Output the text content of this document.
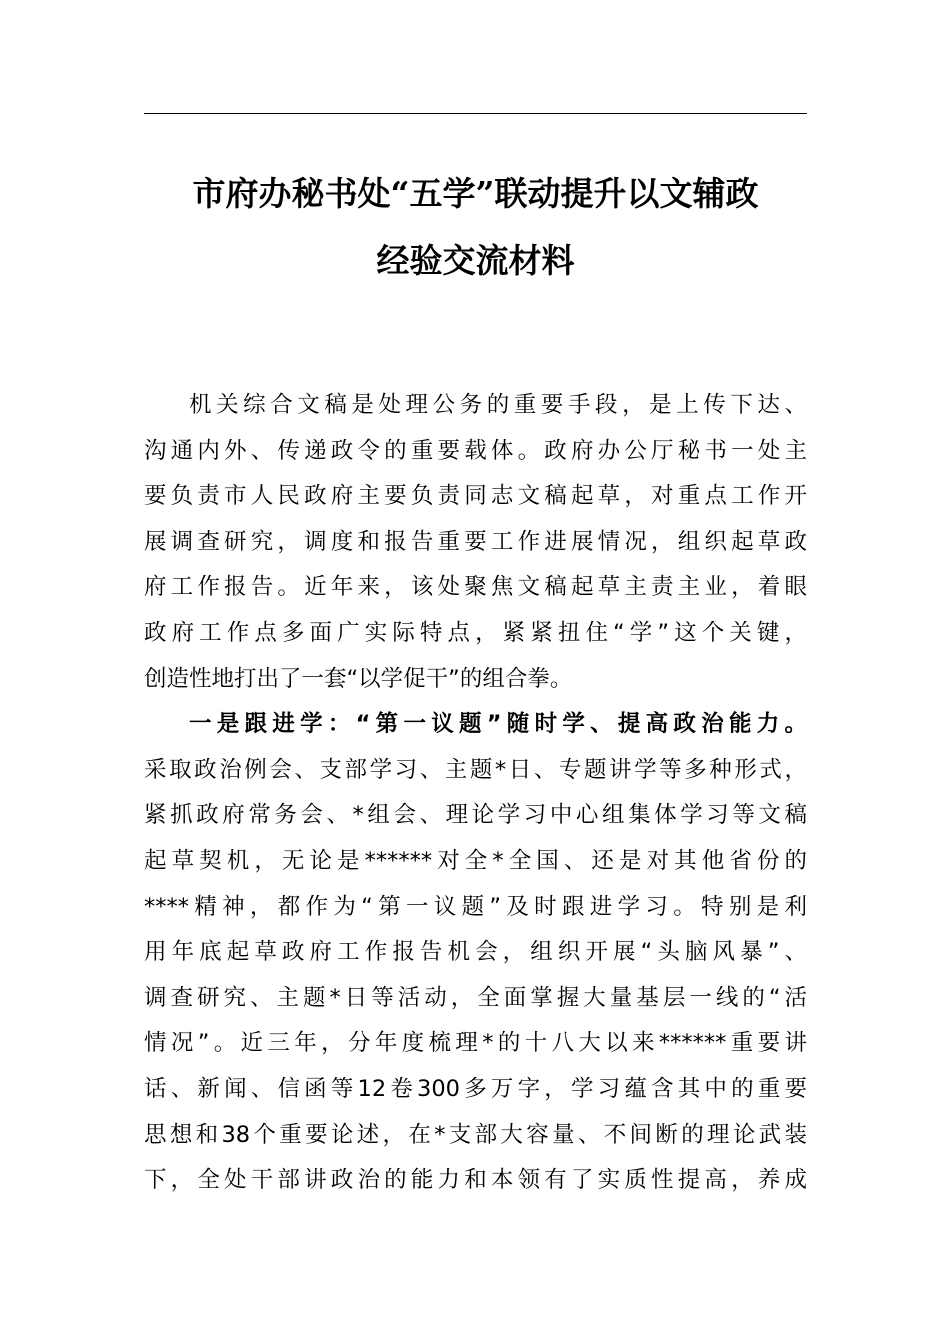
市府办秘书处“五学”联动提升以文辅政
经验交流材料
机关综合文稿是处理公务的重要手段，是上传下达、
沟通内外、传递政令的重要载体。政府办公厅秘书一处主
要负责市人民政府主要负责同志文稿起草，对重点工作开
展调查研究，调度和报告重要工作进展情况，组织起草政
府工作报告。近年来，该处聚焦文稿起草主责主业，着眼
政府工作点多面广实际特点，紧紧扭住“学”这个关键，
创造性地打出了一套“以学促干”的组合拳。
一是跟进学：“第一议题”随时学、提高政治能力。
采取政治例会、支部学习、主题*日、专题讲学等多种形式，
紧抓政府常务会、*组会、理论学习中心组集体学习等文稿
起草契机，无论是******对全*全国、还是对其他省份的
****精神，都作为“第一议题”及时跟进学习。特别是利
用年底起草政府工作报告机会，组织开展“头脑风暴”、
调查研究、主题*日等活动，全面掌握大量基层一线的“活
情况”。近三年，分年度梳理*的十八大以来******重要讲
话、新闻、信函等12卷300多万字，学习蕴含其中的重要
思想和38个重要论述，在*支部大容量、不间断的理论武装
下，全处干部讲政治的能力和本领有了实质性提高，养成
